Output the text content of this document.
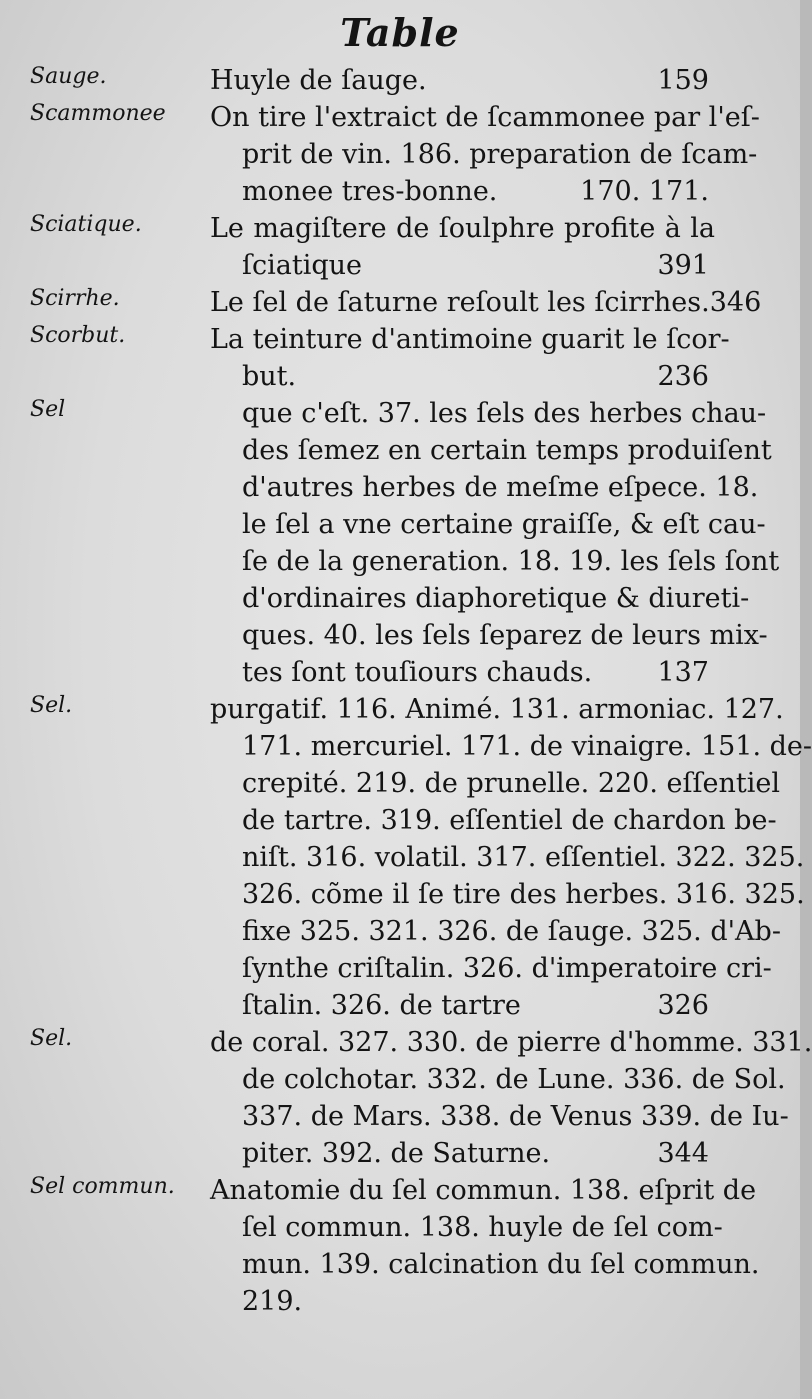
Table
Sauge.	Huyle de ſauge.	159
Scammonee	On tire l'extraict de ſcammonee par l'eſ-
prit de vin. 186. preparation de ſcam-
monee tres-bonne.	170. 171.
Sciatique.	Le magiſtere de ſoulphre profite à la
ſciatique	391
Scirrhe.	Le ſel de ſaturne reſoult les ſcirrhes. 346
Scorbut.	La teinture d'antimoine guarit le ſcor-
but.	236
Sel	que c'eſt. 37. les ſels des herbes chau-
des ſemez en certain temps produiſent
d'autres herbes de meſme eſpece. 18.
le ſel a vne certaine graiſſe, & eſt cau-
ſe de la generation. 18. 19. les ſels ſont
d'ordinaires diaphoretique & diureti-
ques. 40. les ſels ſeparez de leurs mix-
tes ſont touſiours chauds. 137
Sel.	purgatif. 116. Animé. 131. armoniac. 127.
171. mercuriel. 171. de vinaigre. 151. de-
crepité. 219. de prunelle. 220. eſſentiel
de tartre. 319. eſſentiel de chardon be-
niſt. 316. volatil. 317. eſſentiel. 322. 325.
326. cõme il ſe tire des herbes. 316. 325.
fixe 325. 321. 326. de ſauge. 325. d'Ab-
ſynthe criſtalin. 326. d'imperatoire cri-
ſtalin. 326. de tartre	326
Sel.	de coral. 327. 330. de pierre d'homme. 331.
de colchotar. 332. de Lune. 336. de Sol.
337. de Mars. 338. de Venus 339. de Iu-
piter. 392. de Saturne.	344
Sel commun.	Anatomie du ſel commun. 138. eſprit de
ſel commun. 138. huyle de ſel com-
mun. 139. calcination du ſel commun.
219.
